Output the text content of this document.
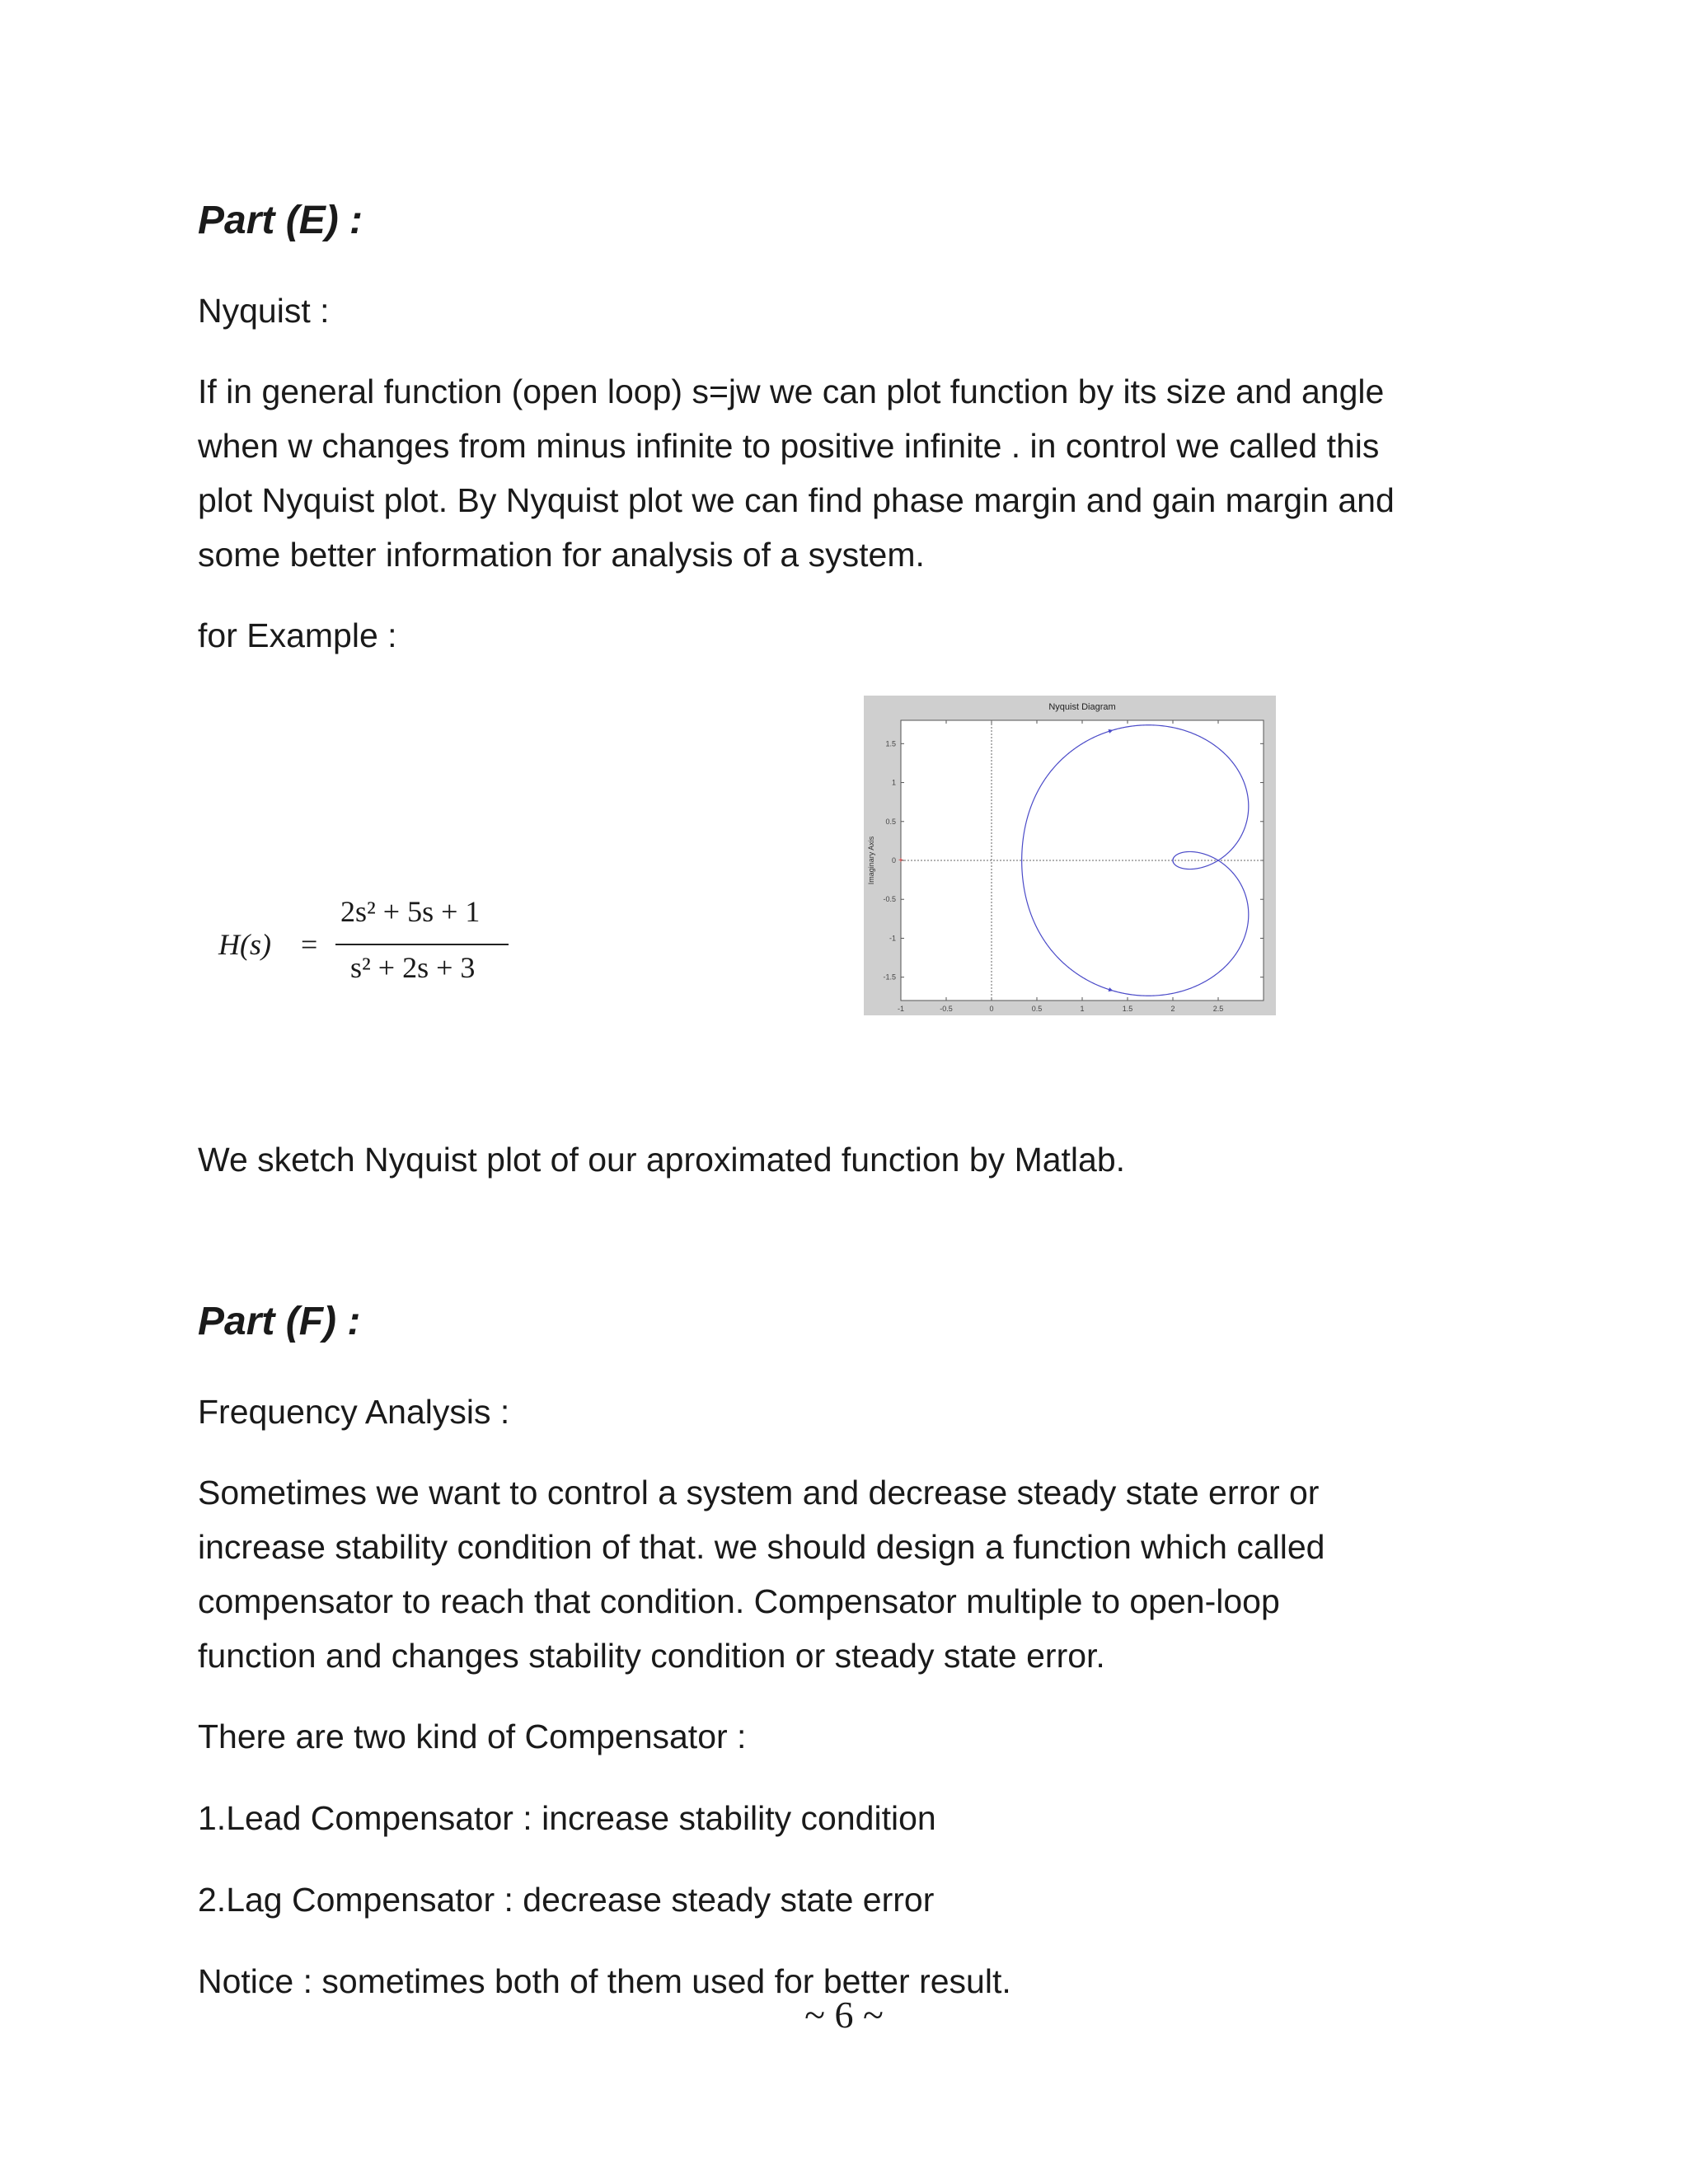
Part (E) :
Nyquist :
If in general function (open loop) s=jw we can plot function by its size and angle
when w changes from minus infinite to positive infinite . in control we called this
plot Nyquist plot. By Nyquist plot we can find phase margin and gain margin and
some better information for analysis of a system.
for Example :
H(s) =
2s² + 5s + 1
s² + 2s + 3
Nyquist Diagram
Imaginary Axis
-1	-0.5	0	0.5	1	1.5	2	2.5
1.5
1
0.5
0
-0.5
-1
-1.5
+
We sketch Nyquist plot of our aproximated function by Matlab.
Part (F) :
Frequency Analysis :
Sometimes we want to control a system and decrease steady state error or
increase stability condition of that. we should design a function which called
compensator to reach that condition. Compensator multiple to open-loop
function and changes stability condition or steady state error.
There are two kind of Compensator :
1.Lead Compensator : increase stability condition
2.Lag Compensator : decrease steady state error
Notice : sometimes both of them used for better result.
~ 6 ~
